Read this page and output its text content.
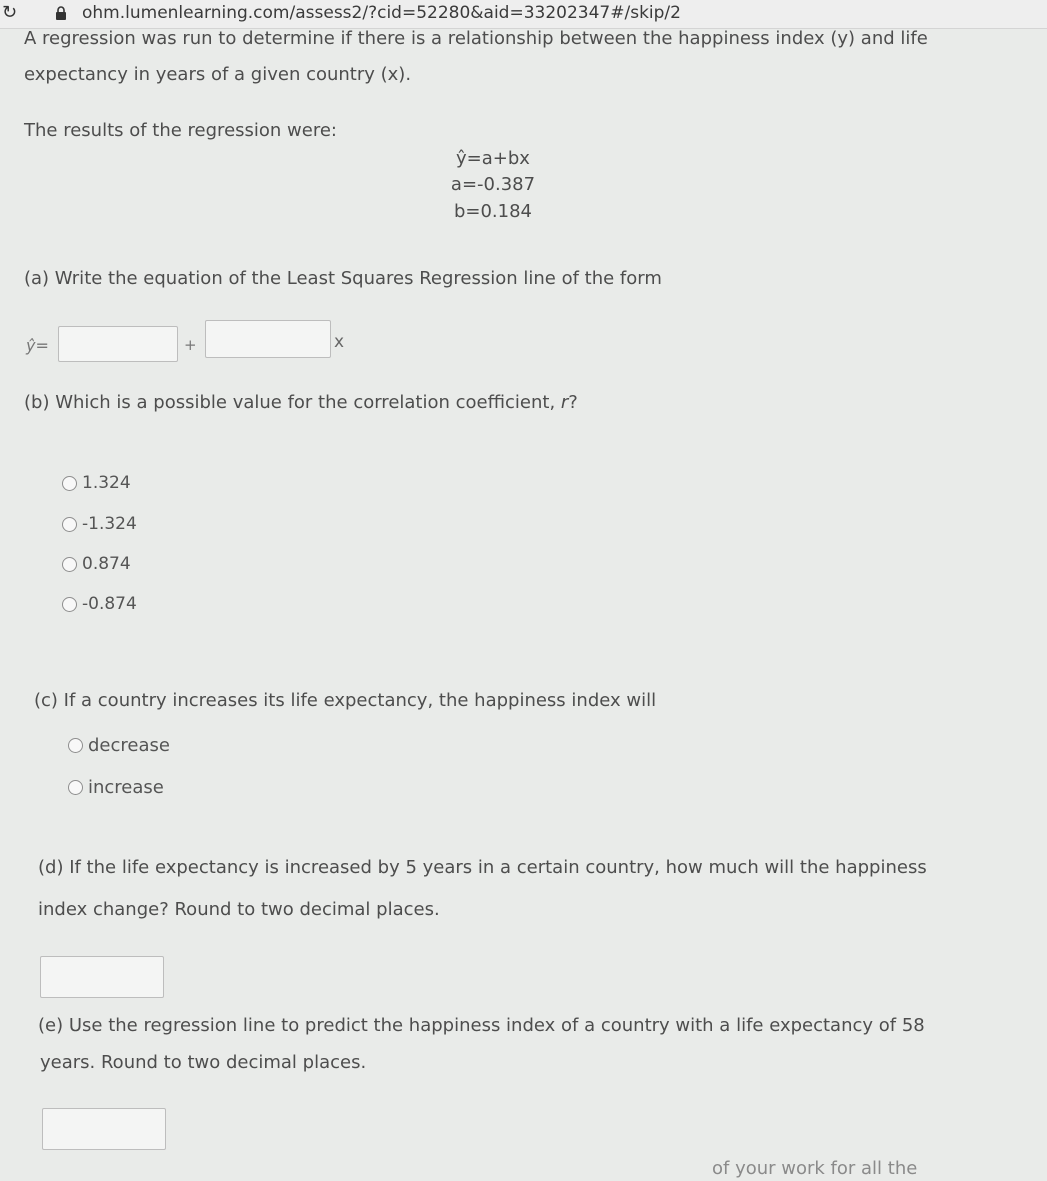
↻	ohm.lumenlearning.com/assess2/?cid=52280&aid=33202347#/skip/2
A regression was run to determine if there is a relationship between the happiness index (y) and life
expectancy in years of a given country (x).
The results of the regression were:
ŷ=a+bx
a=-0.387
b=0.184
(a) Write the equation of the Least Squares Regression line of the form
ŷ=	+	x
(b) Which is a possible value for the correlation coefficient, r?
1.324
-1.324
0.874
-0.874
(c) If a country increases its life expectancy, the happiness index will
decrease
increase
(d) If the life expectancy is increased by 5 years in a certain country, how much will the happiness
index change? Round to two decimal places.
(e) Use the regression line to predict the happiness index of a country with a life expectancy of 58
years. Round to two decimal places.
of your work for all the
